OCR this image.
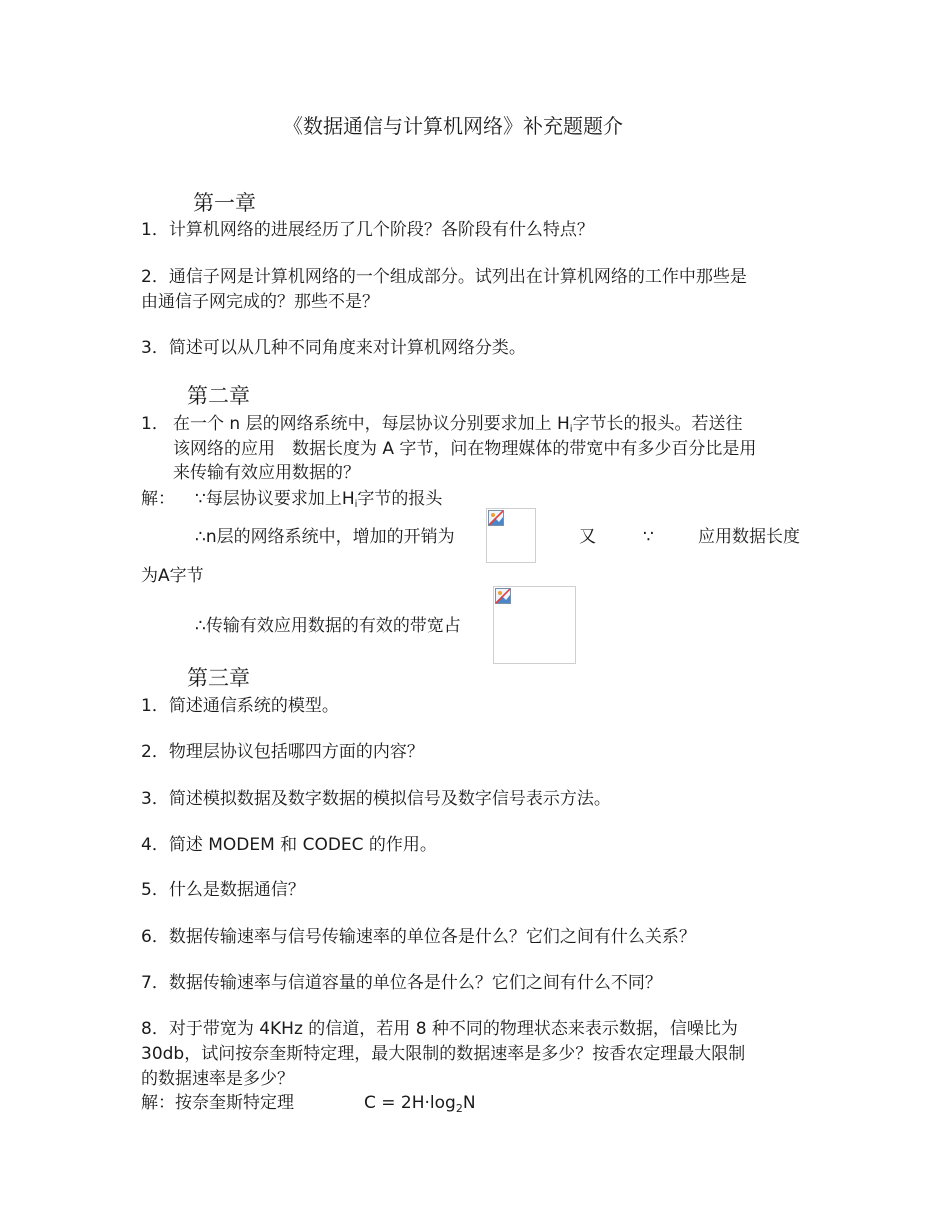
《数据通信与计算机网络》补充题题介
第一章
1．计算机网络的进展经历了几个阶段？各阶段有什么特点？
2．通信子网是计算机网络的一个组成部分。试列出在计算机网络的工作中那些是
由通信子网完成的？那些不是？
3．简述可以从几种不同角度来对计算机网络分类。
第二章
1． 在一个 n 层的网络系统中，每层协议分别要求加上 Hi字节长的报头。若送往
该网络的应用　数据长度为 A 字节，问在物理媒体的带宽中有多少百分比是用
来传输有效应用数据的？
解： ∵每层协议要求加上Hi字节的报头
∴n层的网络系统中，增加的开销为	又	∵	应用数据长度
为A字节
∴传输有效应用数据的有效的带宽占
第三章
1．简述通信系统的模型。
2．物理层协议包括哪四方面的内容？
3．简述模拟数据及数字数据的模拟信号及数字信号表示方法。
4．简述 MODEM 和 CODEC 的作用。
5．什么是数据通信？
6．数据传输速率与信号传输速率的单位各是什么？它们之间有什么关系？
7．数据传输速率与信道容量的单位各是什么？它们之间有什么不同？
8．对于带宽为 4KHz 的信道，若用 8 种不同的物理状态来表示数据，信噪比为
30db，试问按奈奎斯特定理，最大限制的数据速率是多少？按香农定理最大限制
的数据速率是多少？
解：按奈奎斯特定理	$C = 2H\cdot\log_2N$
